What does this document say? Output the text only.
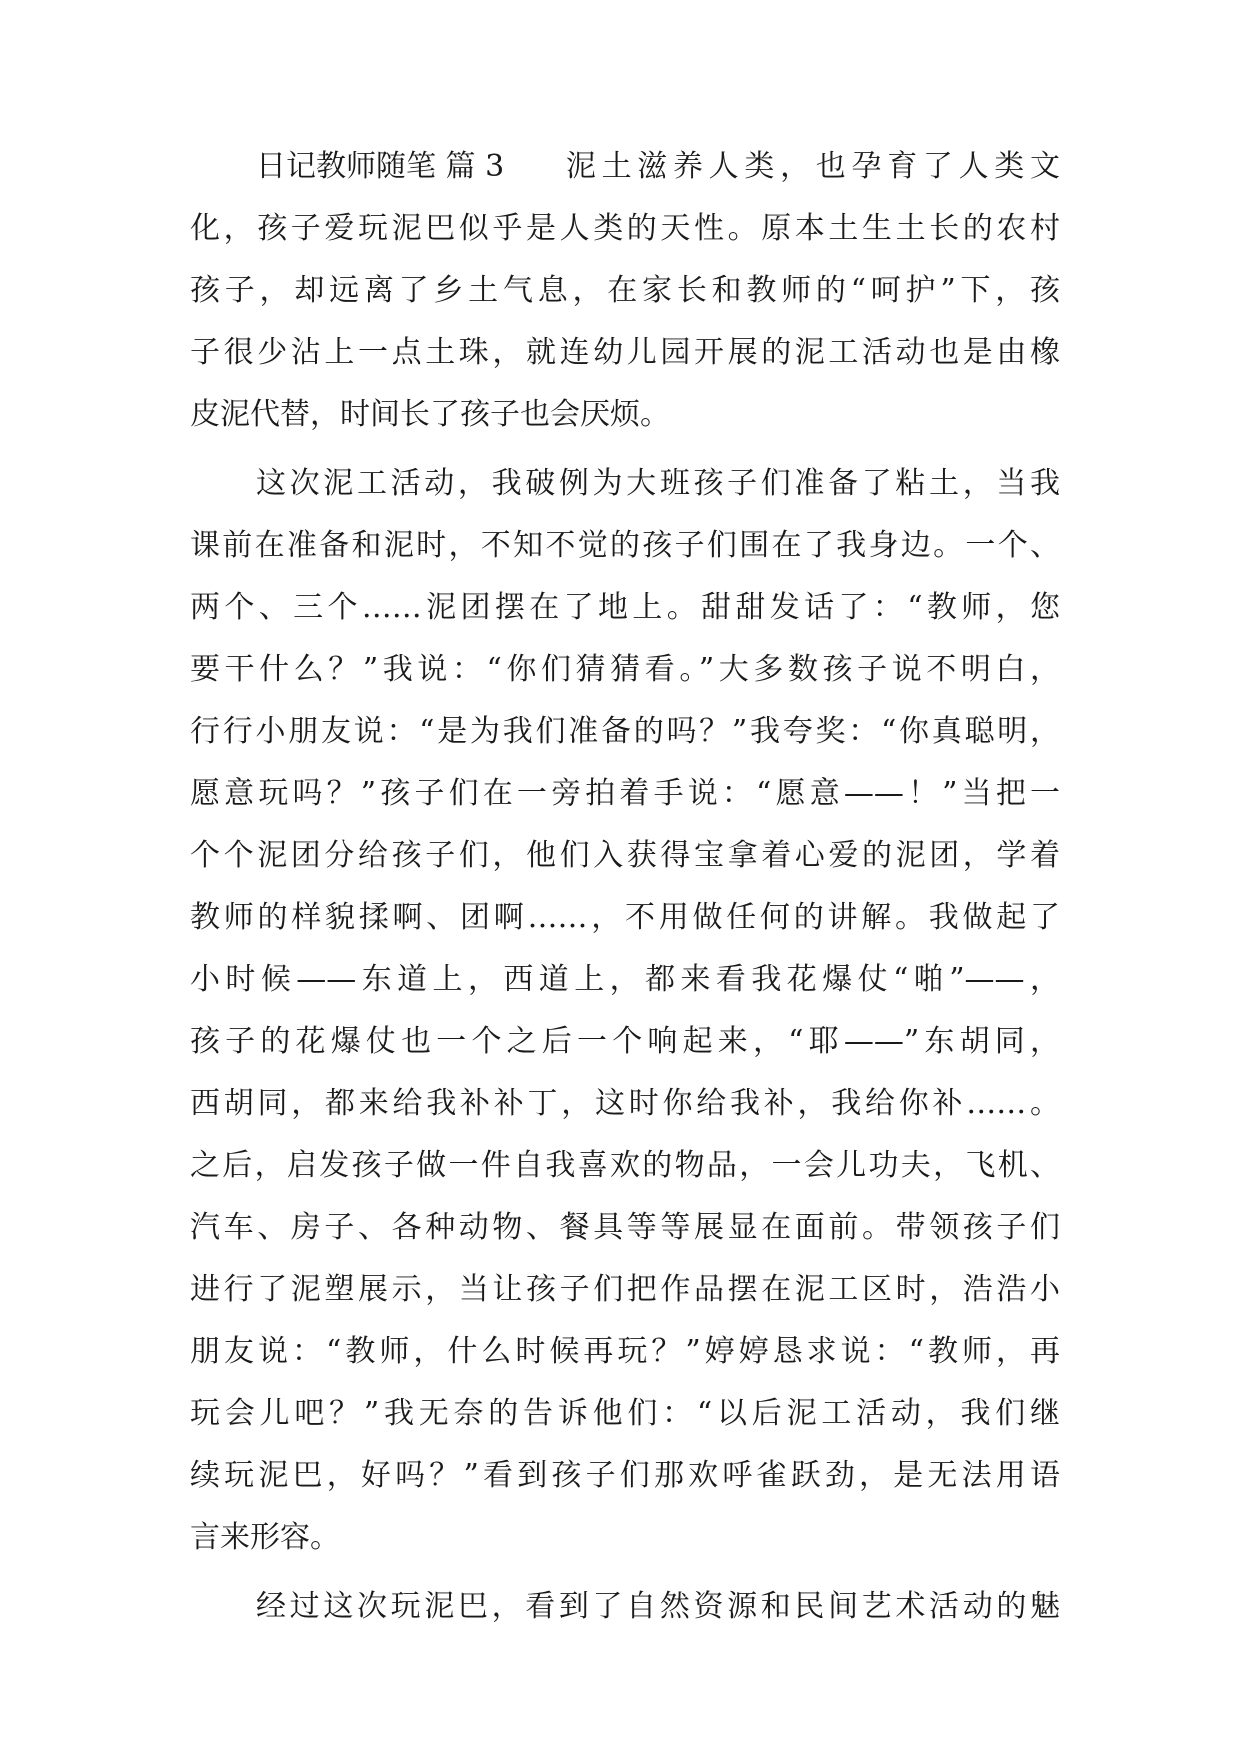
日记教师随笔 篇 3 泥土滋养人类，也孕育了人类文
化，孩子爱玩泥巴似乎是人类的天性。原本土生土长的农村
孩子，却远离了乡土气息，在家长和教师的“呵护”下，孩
子很少沾上一点土珠，就连幼儿园开展的泥工活动也是由橡
皮泥代替，时间长了孩子也会厌烦。
这次泥工活动，我破例为大班孩子们准备了粘土，当我
课前在准备和泥时，不知不觉的孩子们围在了我身边。一个、
两个、三个……泥团摆在了地上。甜甜发话了：“教师，您
要干什么？”我说：“你们猜猜看。”大多数孩子说不明白，
行行小朋友说：“是为我们准备的吗？”我夸奖：“你真聪明，
愿意玩吗？”孩子们在一旁拍着手说：“愿意——！”当把一
个个泥团分给孩子们，他们入获得宝拿着心爱的泥团，学着
教师的样貌揉啊、团啊……，不用做任何的讲解。我做起了
小时候——东道上，西道上，都来看我花爆仗“啪”——，
孩子的花爆仗也一个之后一个响起来，“耶——”东胡同，
西胡同，都来给我补补丁，这时你给我补，我给你补……。
之后，启发孩子做一件自我喜欢的物品，一会儿功夫，飞机、
汽车、房子、各种动物、餐具等等展显在面前。带领孩子们
进行了泥塑展示，当让孩子们把作品摆在泥工区时，浩浩小
朋友说：“教师，什么时候再玩？”婷婷恳求说：“教师，再
玩会儿吧？”我无奈的告诉他们：“以后泥工活动，我们继
续玩泥巴，好吗？”看到孩子们那欢呼雀跃劲，是无法用语
言来形容。
经过这次玩泥巴，看到了自然资源和民间艺术活动的魅
